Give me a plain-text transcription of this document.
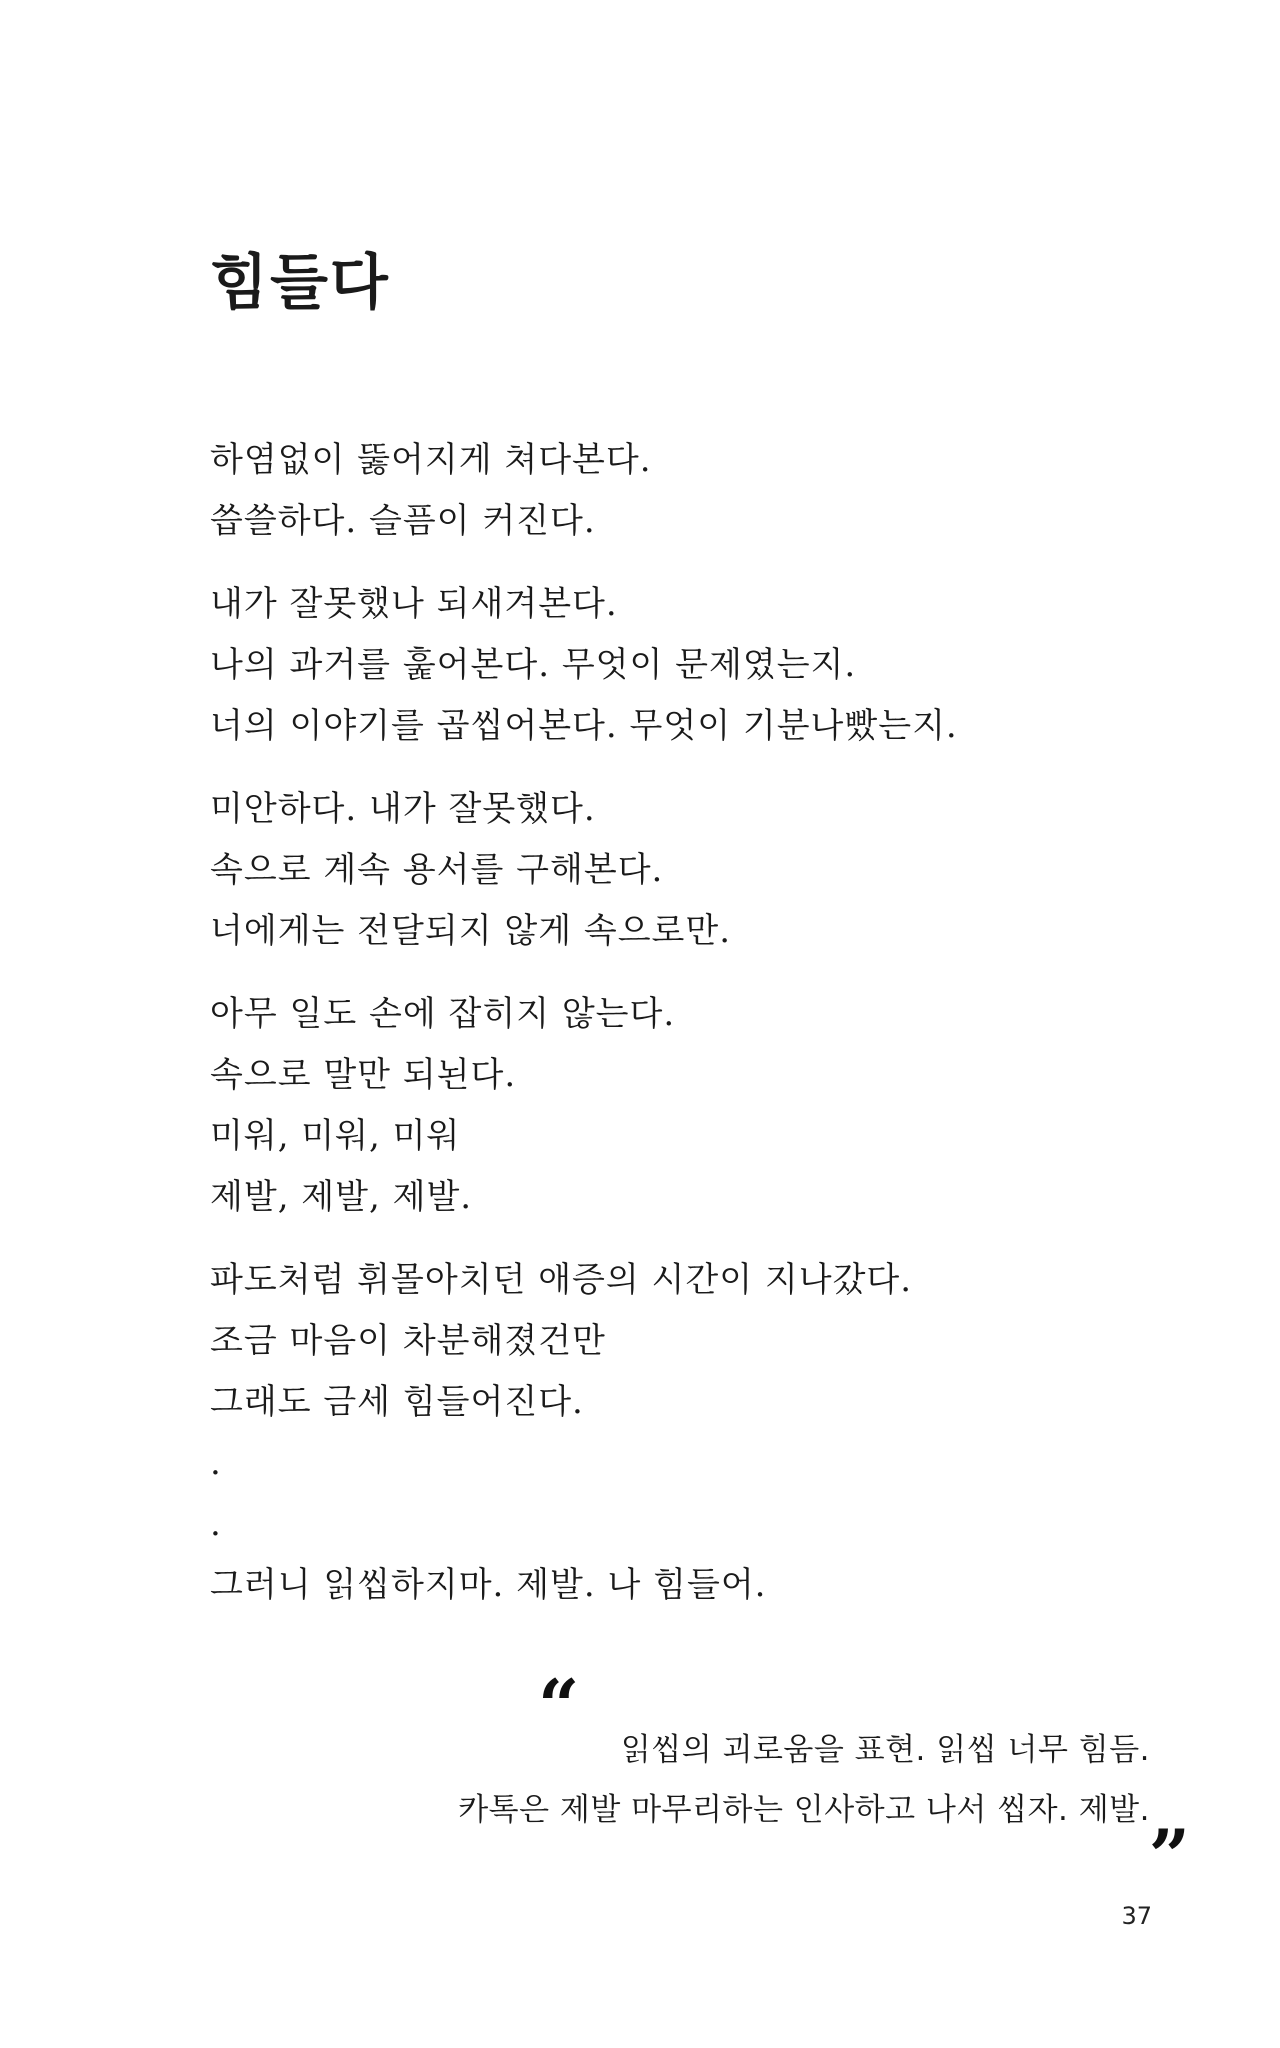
힘들다
하염없이 뚫어지게 쳐다본다.
씁쓸하다. 슬픔이 커진다.
내가 잘못했나 되새겨본다.
나의 과거를 훑어본다. 무엇이 문제였는지.
너의 이야기를 곱씹어본다. 무엇이 기분나빴는지.
미안하다. 내가 잘못했다.
속으로 계속 용서를 구해본다.
너에게는 전달되지 않게 속으로만.
아무 일도 손에 잡히지 않는다.
속으로 말만 되뇐다.
미워, 미워, 미워
제발, 제발, 제발.
파도처럼 휘몰아치던 애증의 시간이 지나갔다.
조금 마음이 차분해졌건만
그래도 금세 힘들어진다.
.
.
그러니 읽씹하지마. 제발. 나 힘들어.
“
읽씹의 괴로움을 표현. 읽씹 너무 힘듬.
카톡은 제발 마무리하는 인사하고 나서 씹자. 제발.
”
37
